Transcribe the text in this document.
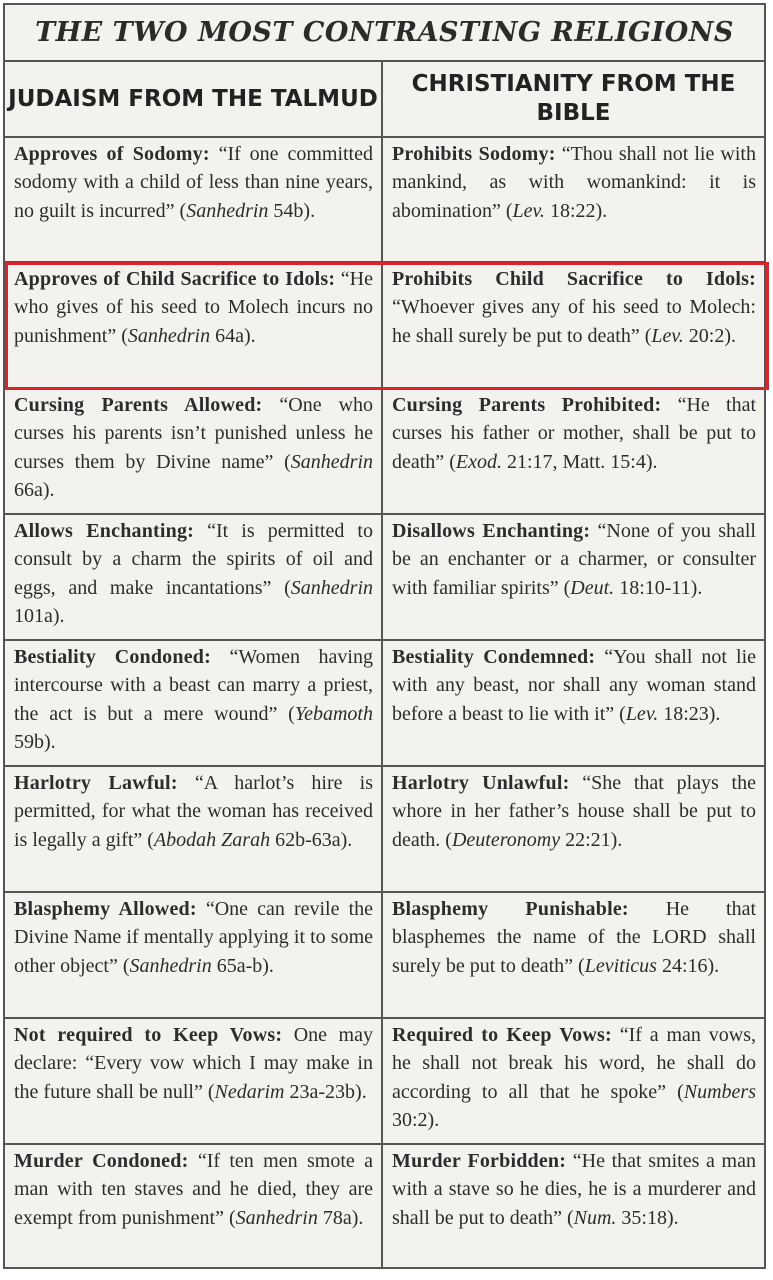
THE TWO MOST CONTRASTING RELIGIONS
JUDAISM FROM THE TALMUD
CHRISTIANITY FROM THE BIBLE
Approves of Sodomy: “If one committed sodomy with a child of less than nine years, no guilt is incurred” (Sanhedrin 54b).
Prohibits Sodomy: “Thou shall not lie with mankind, as with womankind: it is abomination” (Lev. 18:22).
Approves of Child Sacrifice to Idols: “He who gives of his seed to Molech incurs no punishment” (Sanhedrin 64a).
Prohibits Child Sacrifice to Idols: “Whoever gives any of his seed to Molech: he shall surely be put to death” (Lev. 20:2).
Cursing Parents Allowed: “One who curses his parents isn’t punished unless he curses them by Divine name” (Sanhedrin 66a).
Cursing Parents Prohibited: “He that curses his father or mother, shall be put to death” (Exod. 21:17, Matt. 15:4).
Allows Enchanting: “It is permitted to consult by a charm the spirits of oil and eggs, and make incantations” (Sanhedrin 101a).
Disallows Enchanting: “None of you shall be an enchanter or a charmer, or consulter with familiar spirits” (Deut. 18:10-11).
Bestiality Condoned: “Women having intercourse with a beast can marry a priest, the act is but a mere wound” (Yebamoth 59b).
Bestiality Condemned: “You shall not lie with any beast, nor shall any woman stand before a beast to lie with it” (Lev. 18:23).
Harlotry Lawful: “A harlot’s hire is permitted, for what the woman has received is legally a gift” (Abodah Zarah 62b-63a).
Harlotry Unlawful: “She that plays the whore in her father’s house shall be put to death. (Deuteronomy 22:21).
Blasphemy Allowed: “One can revile the Divine Name if mentally applying it to some other object” (Sanhedrin 65a-b).
Blasphemy Punishable: He that blasphemes the name of the LORD shall surely be put to death” (Leviticus 24:16).
Not required to Keep Vows: One may declare: “Every vow which I may make in the future shall be null” (Nedarim 23a-23b).
Required to Keep Vows: “If a man vows, he shall not break his word, he shall do according to all that he spoke” (Numbers 30:2).
Murder Condoned: “If ten men smote a man with ten staves and he died, they are exempt from punishment” (Sanhedrin 78a).
Murder Forbidden: “He that smites a man with a stave so he dies, he is a murderer and shall be put to death” (Num. 35:18).
